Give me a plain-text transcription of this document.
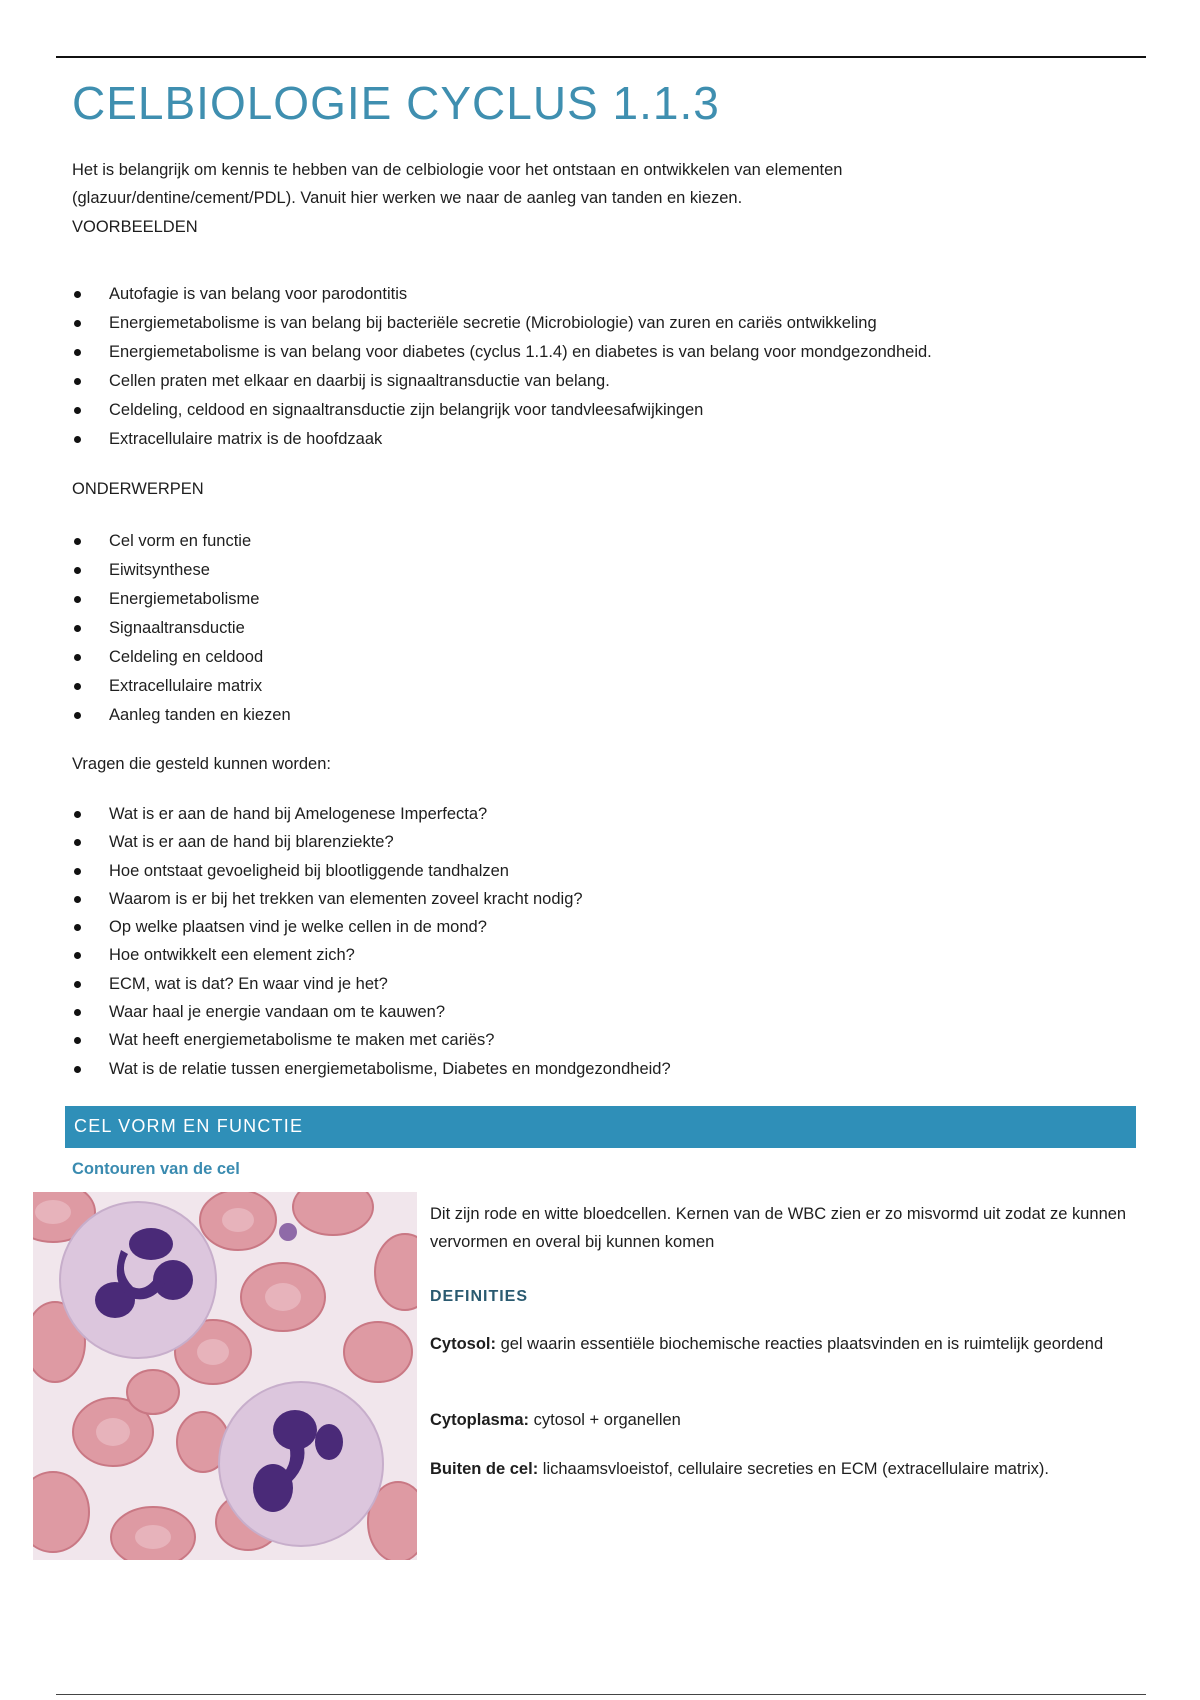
CELBIOLOGIE CYCLUS 1.1.3

Het is belangrijk om kennis te hebben van de celbiologie voor het ontstaan en ontwikkelen van elementen (glazuur/dentine/cement/PDL). Vanuit hier werken we naar de aanleg van tanden en kiezen.

VOORBEELDEN
Autofagie is van belang voor parodontitis
Energiemetabolisme is van belang bij bacteriële secretie (Microbiologie) van zuren en cariës ontwikkeling
Energiemetabolisme is van belang voor diabetes (cyclus 1.1.4) en diabetes is van belang voor mondgezondheid.
Cellen praten met elkaar en daarbij is signaaltransductie van belang.
Celdeling, celdood en signaaltransductie zijn belangrijk voor tandvleesafwijkingen
Extracellulaire matrix is de hoofdzaak
ONDERWERPEN
Cel vorm en functie
Eiwitsynthese
Energiemetabolisme
Signaaltransductie
Celdeling en celdood
Extracellulaire matrix
Aanleg tanden en kiezen
Vragen die gesteld kunnen worden:
Wat is er aan de hand bij Amelogenese Imperfecta?
Wat is er aan de hand bij blarenziekte?
Hoe ontstaat gevoeligheid bij blootliggende tandhalzen
Waarom is er bij het trekken van elementen zoveel kracht nodig?
Op welke plaatsen vind je welke cellen in de mond?
Hoe ontwikkelt een element zich?
ECM, wat is dat? En waar vind je het?
Waar haal je energie vandaan om te kauwen?
Wat heeft energiemetabolisme te maken met cariës?
Wat is de relatie tussen energiemetabolisme, Diabetes en mondgezondheid?
CEL VORM EN FUNCTIE
Contouren van de cel

Dit zijn rode en witte bloedcellen. Kernen van de WBC zien er zo misvormd uit zodat ze kunnen vervormen en overal bij kunnen komen

DEFINITIES

Cytosol: gel waarin essentiële biochemische reacties plaatsvinden en is ruimtelijk geordend

Cytoplasma: cytosol + organellen

Buiten de cel: lichaamsvloeistof, cellulaire secreties en ECM (extracellulaire matrix).
